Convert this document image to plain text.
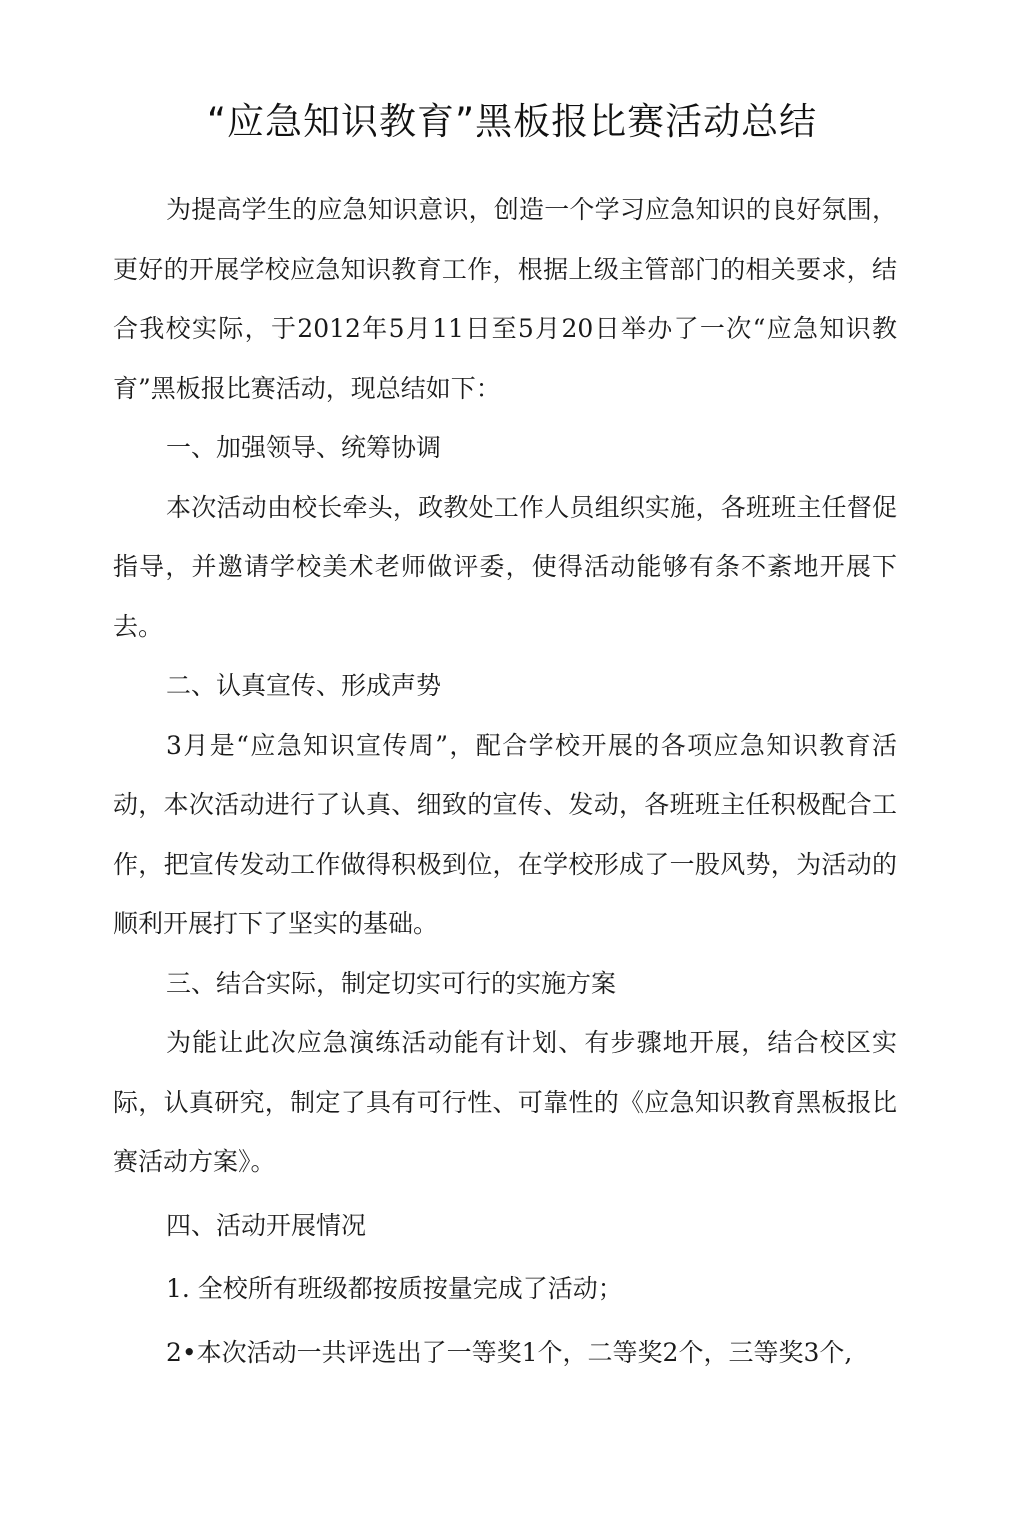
“应急知识教育”黑板报比赛活动总结

为提高学生的应急知识意识，创造一个学习应急知识的良好氛围，更好的开展学校应急知识教育工作，根据上级主管部门的相关要求，结合我校实际，于2012年5月11日至5月20日举办了一次“应急知识教育”黑板报比赛活动，现总结如下：

一、加强领导、统筹协调

本次活动由校长牵头，政教处工作人员组织实施，各班班主任督促指导，并邀请学校美术老师做评委，使得活动能够有条不紊地开展下去。

二、认真宣传、形成声势

3月是“应急知识宣传周”，配合学校开展的各项应急知识教育活动，本次活动进行了认真、细致的宣传、发动，各班班主任积极配合工作，把宣传发动工作做得积极到位，在学校形成了一股风势，为活动的顺利开展打下了坚实的基础。

三、结合实际，制定切实可行的实施方案

为能让此次应急演练活动能有计划、有步骤地开展，结合校区实际，认真研究，制定了具有可行性、可靠性的《应急知识教育黑板报比赛活动方案》。

四、活动开展情况

1. 全校所有班级都按质按量完成了活动；

2•本次活动一共评选出了一等奖1个，二等奖2个，三等奖3个,
